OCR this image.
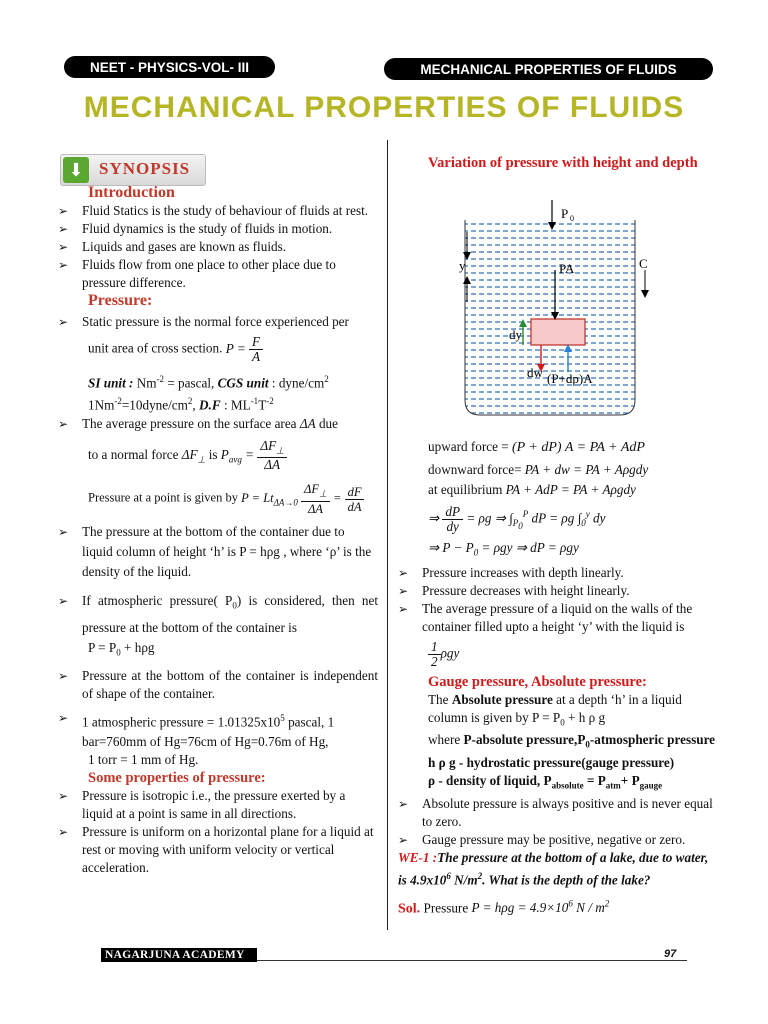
NEET - PHYSICS-VOL- III	MECHANICAL PROPERTIES OF FLUIDS
MECHANICAL PROPERTIES OF FLUIDS
⬇ SYNOPSIS

Introduction

➢ Fluid Statics is the study of behaviour of fluids at rest.

➢ Fluid dynamics is the study of fluids in motion.

➢ Liquids and gases are known as fluids.

➢ Fluids flow from one place to other place due to pressure difference.

Pressure:

➢ Static pressure is the normal force experienced per

unit area of cross section. $P = \frac{F}{A}$

SI unit : $Nm^{-2}$ = pascal, CGS unit : dyne/$cm^2$

$1Nm^{-2}=10dyne/cm^2$, D.F : $ML^{-1}T^{-2}$

➢ The average pressure on the surface area ΔA due

to a normal force $\Delta F_\perp$ is $P_{avg} = \frac{\Delta F_\perp}{\Delta A}$

Pressure at a point is given by $P = Lt_{\Delta A\to 0} \frac{\Delta F_\perp}{\Delta A} = \frac{dF}{dA}$

➢ The pressure at the bottom of the container due to liquid column of height ‘h’ is P = hρg , where ‘ρ’ is the density of the liquid.

➢ If atmospheric pressure( $P_0$) is considered, then net pressure at the bottom of the container is

$P = P_0 + h\rho g$

➢ Pressure at the bottom of the container is independent of shape of the container.

➢ 1 atmospheric pressure = $1.01325x10^5$ pascal, 1 bar=760mm of Hg=76cm of Hg=0.76m of Hg,

1 torr = 1 mm of Hg.

Some properties of pressure:

➢ Pressure is isotropic i.e., the pressure exerted by a liquid at a point is same in all directions.

➢ Pressure is uniform on a horizontal plane for a liquid at rest or moving with uniform velocity or vertical acceleration.

Variation of pressure with height and depth

P 0
y	PA	C
dy
dw (P+dp)A

upward force = (P + dP) A = PA + AdP

downward force= PA + dw = PA + Aρgdy

at equilibrium PA + AdP = PA + Aρgdy

⇒ $\frac{dP}{dy} = \rho g$ ⇒ $\int_{P_0}^P$ dP = ρg $\int_0^y$ dy

⇒ $P - P_0 = \rho gy$ ⇒ dP = ρgy

➢ Pressure increases with depth linearly.

➢ Pressure decreases with height linearly.

➢ The average pressure of a liquid on the walls of the container filled upto a height ‘y’ with the liquid is

$\frac{1}{2}$ ρgy

Gauge pressure, Absolute pressure:

The Absolute pressure at a depth ‘h’ in a liquid column is given by $P = P_0 + h$ ρ g

where P-absolute $pressure,P_0$-atmospheric pressure

h ρ g - hydrostatic pressure(gauge pressure)

ρ - density of liquid, $P_{absolute} = P_{atm}+ P_{gauge}$

➢ Absolute pressure is always positive and is never equal to zero.

➢ Gauge pressure may be positive, negative or zero.

WE-1 :The pressure at the bottom of a lake, due to water, is $4.9x10^6$ $N/m^2$. What is the depth of the lake?

Sol. Pressure $P = h\rho g = 4.9\times 10^6$ N / $m^2$

NAGARJUNA ACADEMY	97
